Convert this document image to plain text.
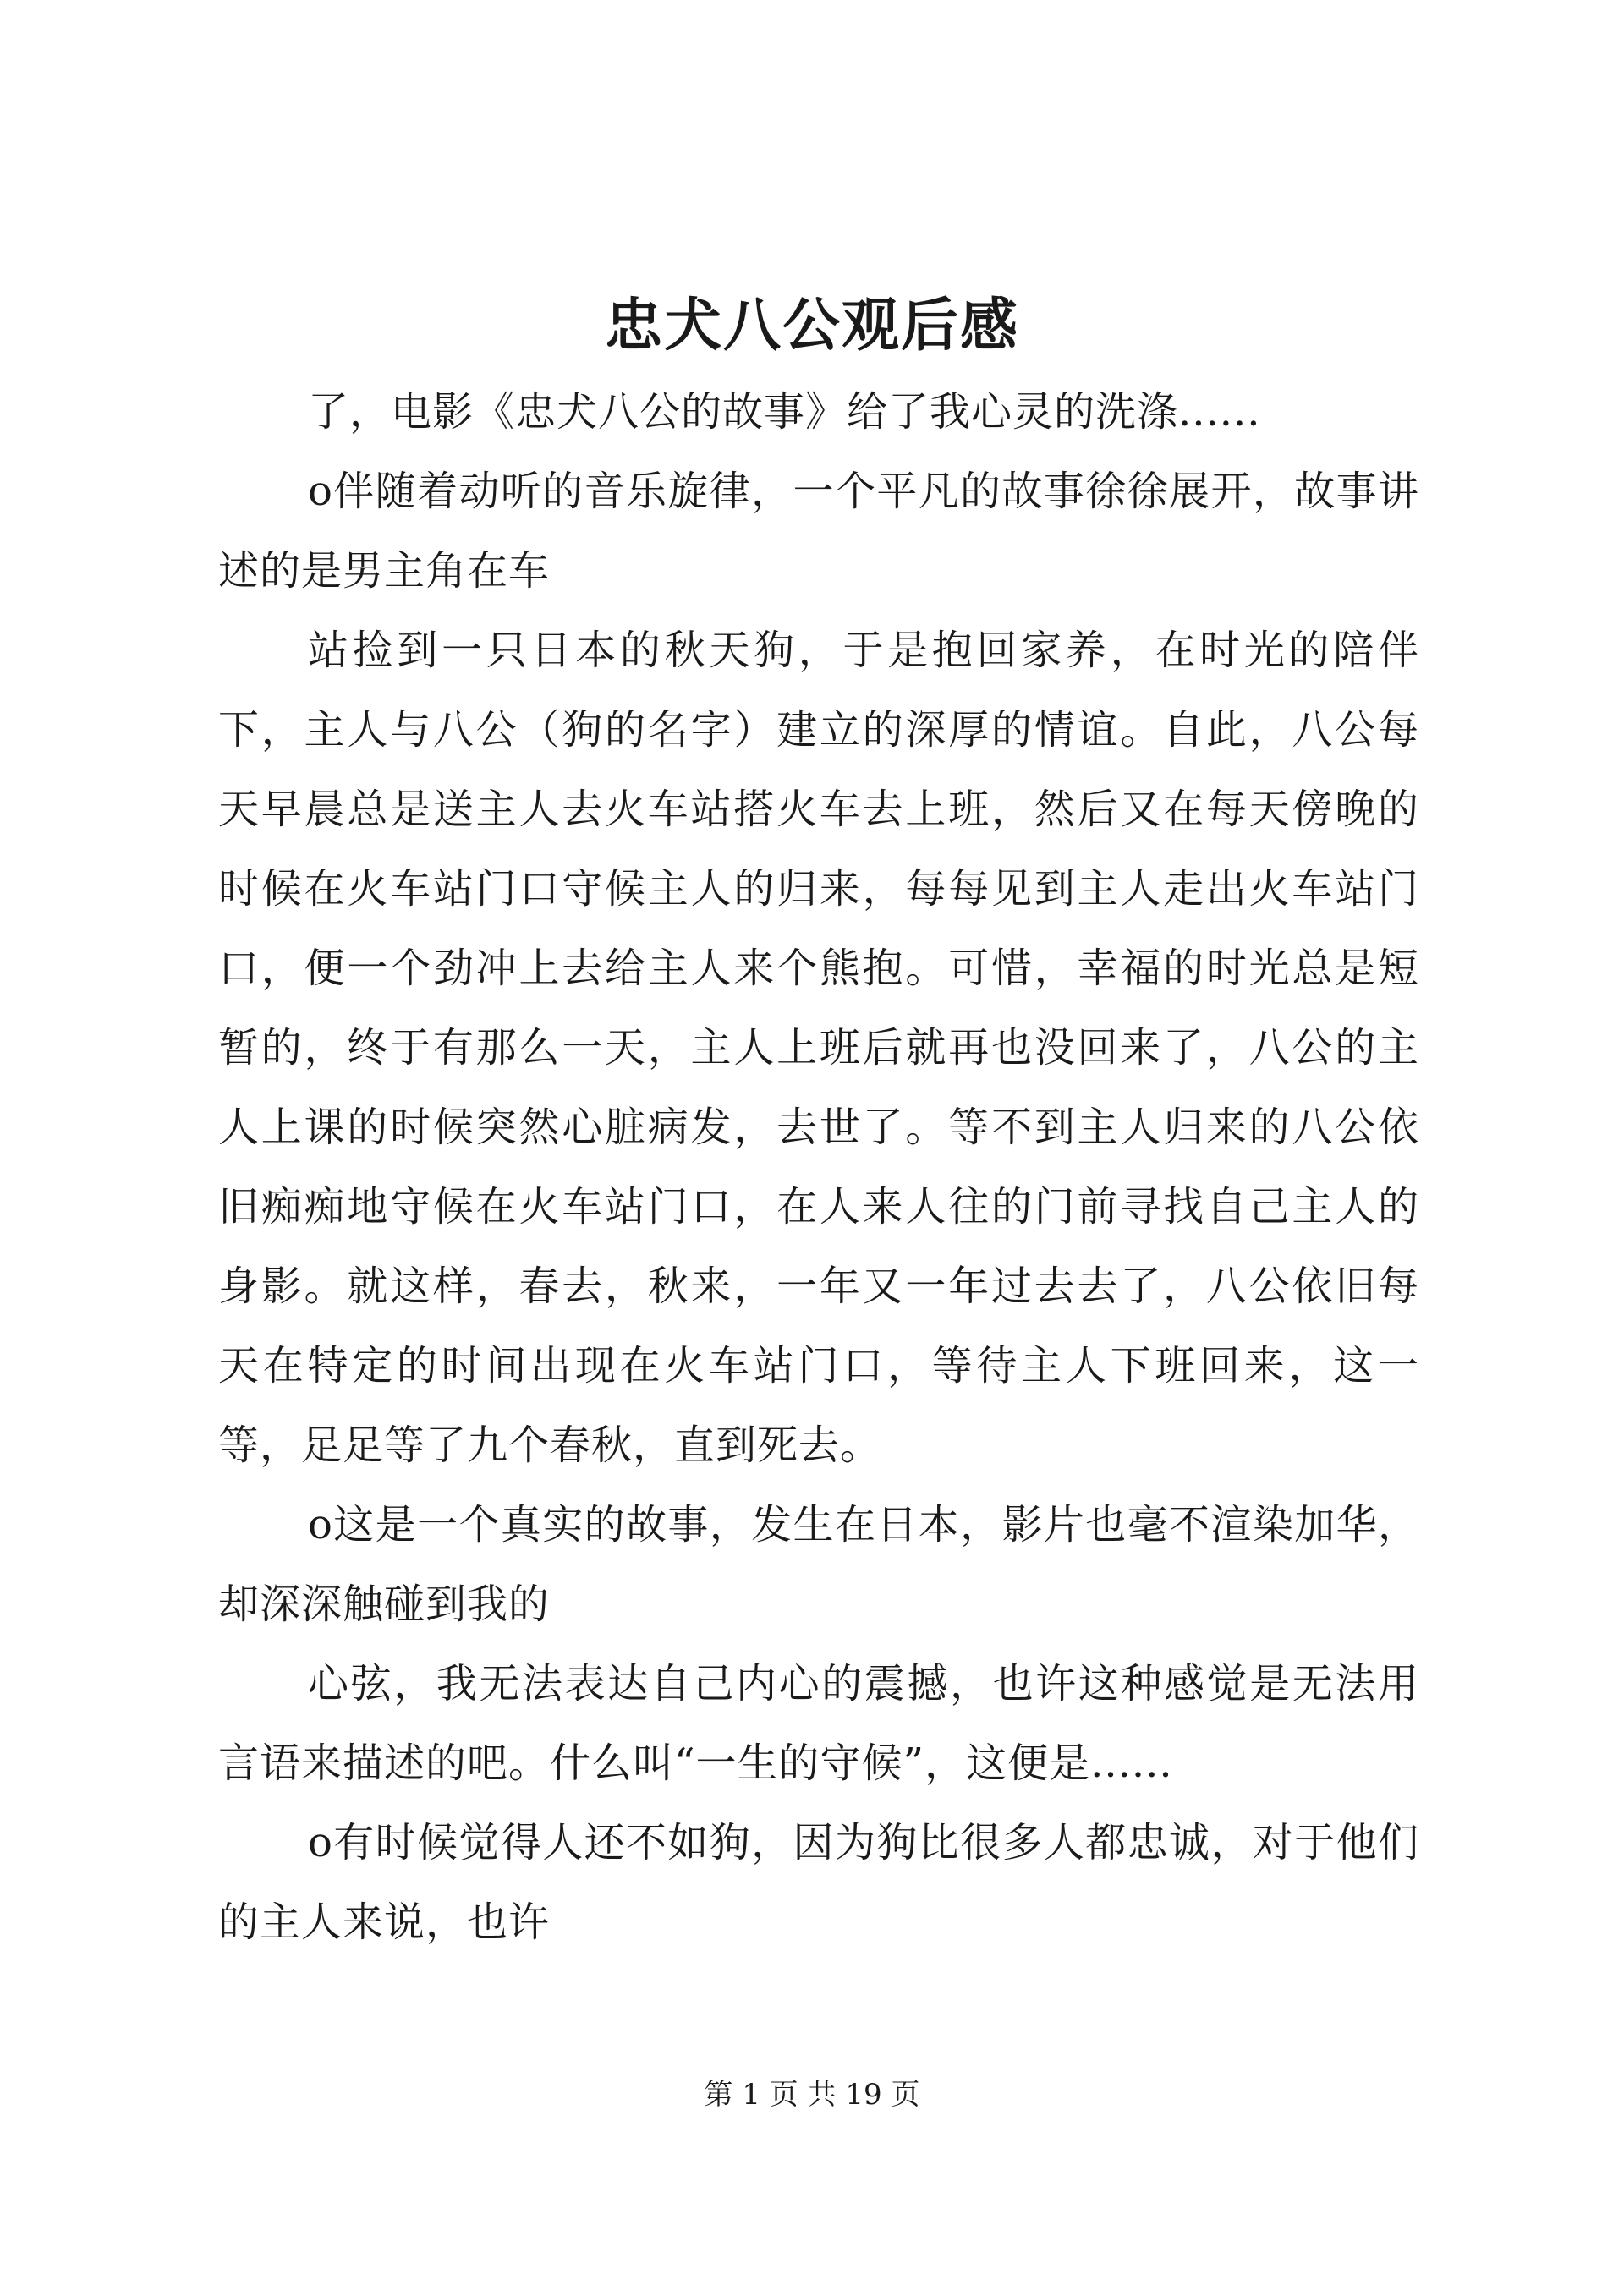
忠犬八公观后感

了，电影《忠犬八公的故事》给了我心灵的洗涤......

o伴随着动听的音乐旋律，一个平凡的故事徐徐展开，故事讲述的是男主角在车

站捡到一只日本的秋天狗，于是抱回家养，在时光的陪伴下，主人与八公（狗的名字）建立的深厚的情谊。自此，八公每天早晨总是送主人去火车站搭火车去上班，然后又在每天傍晚的时候在火车站门口守候主人的归来，每每见到主人走出火车站门口，便一个劲冲上去给主人来个熊抱。可惜，幸福的时光总是短暂的，终于有那么一天，主人上班后就再也没回来了，八公的主人上课的时候突然心脏病发，去世了。等不到主人归来的八公依旧痴痴地守候在火车站门口，在人来人往的门前寻找自己主人的身影。就这样，春去，秋来，一年又一年过去去了，八公依旧每天在特定的时间出现在火车站门口，等待主人下班回来，这一等，足足等了九个春秋，直到死去。

o这是一个真实的故事，发生在日本，影片也毫不渲染加华，却深深触碰到我的

心弦，我无法表达自己内心的震撼，也许这种感觉是无法用言语来描述的吧。什么叫“一生的守候”，这便是......

o有时候觉得人还不如狗，因为狗比很多人都忠诚，对于他们的主人来说，也许

第 1 页 共 19 页
